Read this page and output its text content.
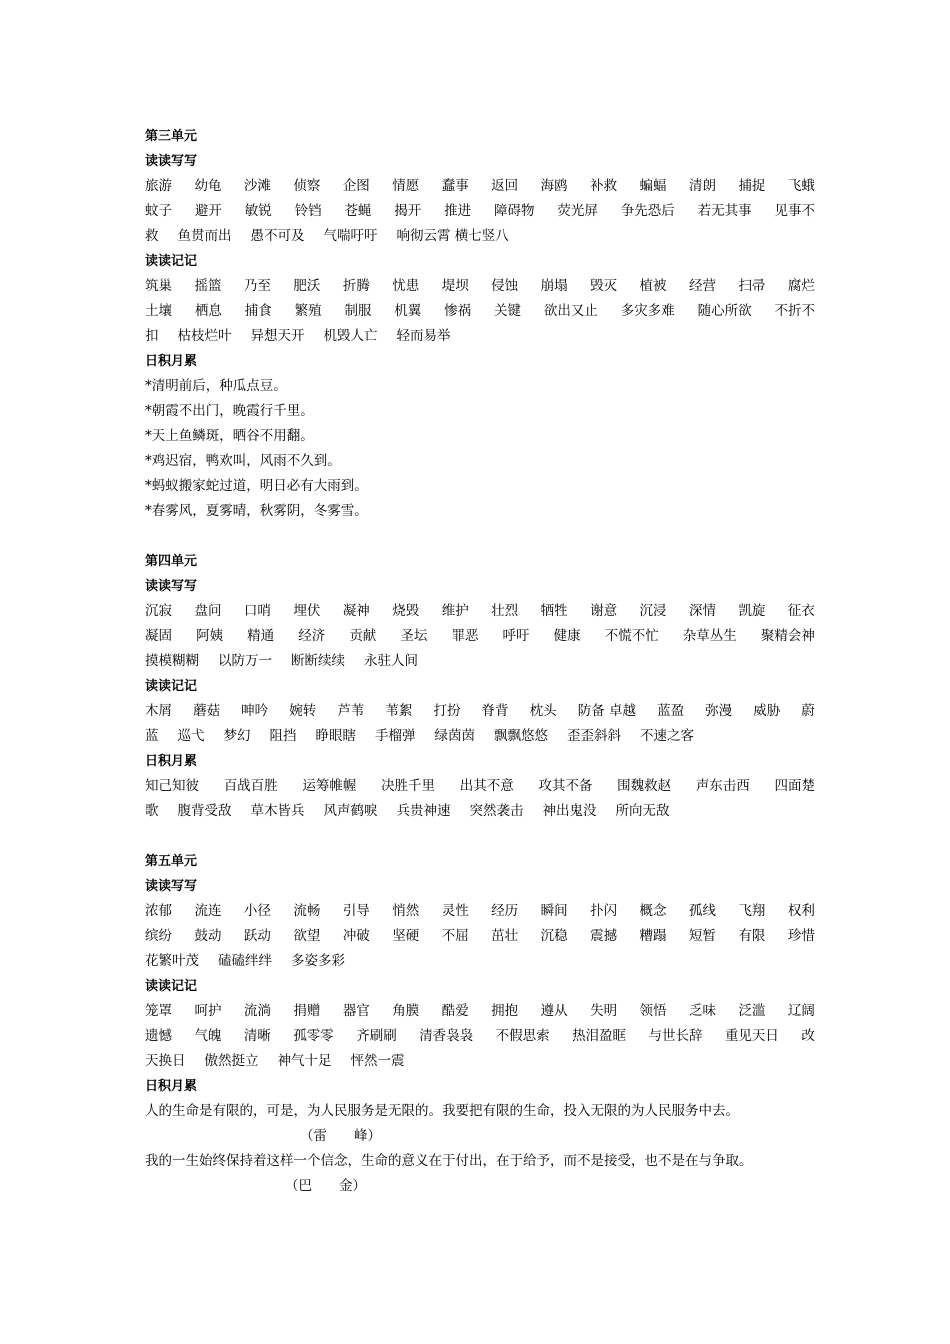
第三单元
读读写写
旅游 幼龟 沙滩 侦察 企图 情愿 蠢事 返回 海鸥 补救 蝙蝠 清朗 捕捉 飞蛾
蚊子 避开 敏锐 铃铛 苍蝇 揭开 推进 障碍物 荧光屏 争先恐后 若无其事 见事不
救 鱼贯而出 愚不可及 气喘吁吁 响彻云霄 横七竖八
读读记记
筑巢 摇篮 乃至 肥沃 折腾 忧患 堤坝 侵蚀 崩塌 毁灭 植被 经营 扫帚 腐烂
土壤 栖息 捕食 繁殖 制服 机翼 惨祸 关键 欲出又止 多灾多难 随心所欲 不折不
扣 枯枝烂叶 异想天开 机毁人亡 轻而易举
日积月累
*清明前后，种瓜点豆。
*朝霞不出门，晚霞行千里。
*天上鱼鳞斑，晒谷不用翻。
*鸡迟宿，鸭欢叫，风雨不久到。
*蚂蚁搬家蛇过道，明日必有大雨到。
*春雾风，夏雾晴，秋雾阴，冬雾雪。
第四单元
读读写写
沉寂 盘问 口哨 埋伏 凝神 烧毁 维护 壮烈 牺牲 谢意 沉浸 深情 凯旋 征衣
凝固 阿姨 精通 经济 贡献 圣坛 罪恶 呼吁 健康 不慌不忙 杂草丛生 聚精会神
摸模糊糊 以防万一 断断续续 永驻人间
读读记记
木屑 蘑菇 呻吟 婉转 芦苇 苇絮 打扮 脊背 枕头 防备 卓越 蓝盈 弥漫 威胁 蔚
蓝 巡弋 梦幻 阻挡 睁眼瞎 手榴弹 绿茵茵 飘飘悠悠 歪歪斜斜 不速之客
日积月累
知己知彼 百战百胜 运筹帷幄 决胜千里 出其不意 攻其不备 围魏救赵 声东击西 四面楚
歌 腹背受敌 草木皆兵 风声鹤唳 兵贵神速 突然袭击 神出鬼没 所向无敌
第五单元
读读写写
浓郁 流连 小径 流畅 引导 悄然 灵性 经历 瞬间 扑闪 概念 孤线 飞翔 权利
缤纷 鼓动 跃动 欲望 冲破 坚硬 不屈 茁壮 沉稳 震撼 糟蹋 短暂 有限 珍惜
花繁叶茂 磕磕绊绊 多姿多彩
读读记记
笼罩 呵护 流淌 捐赠 器官 角膜 酷爱 拥抱 遵从 失明 领悟 乏味 泛滥 辽阔
遗憾 气魄 清晰 孤零零 齐刷刷 清香袅袅 不假思索 热泪盈眶 与世长辞 重见天日 改
天换日 傲然挺立 神气十足 怦然一震
日积月累
人的生命是有限的，可是，为人民服务是无限的。我要把有限的生命，投入无限的为人民服务中去。
（雷　　峰）
我的一生始终保持着这样一个信念，生命的意义在于付出，在于给予，而不是接受，也不是在与争取。
（巴　　金）
